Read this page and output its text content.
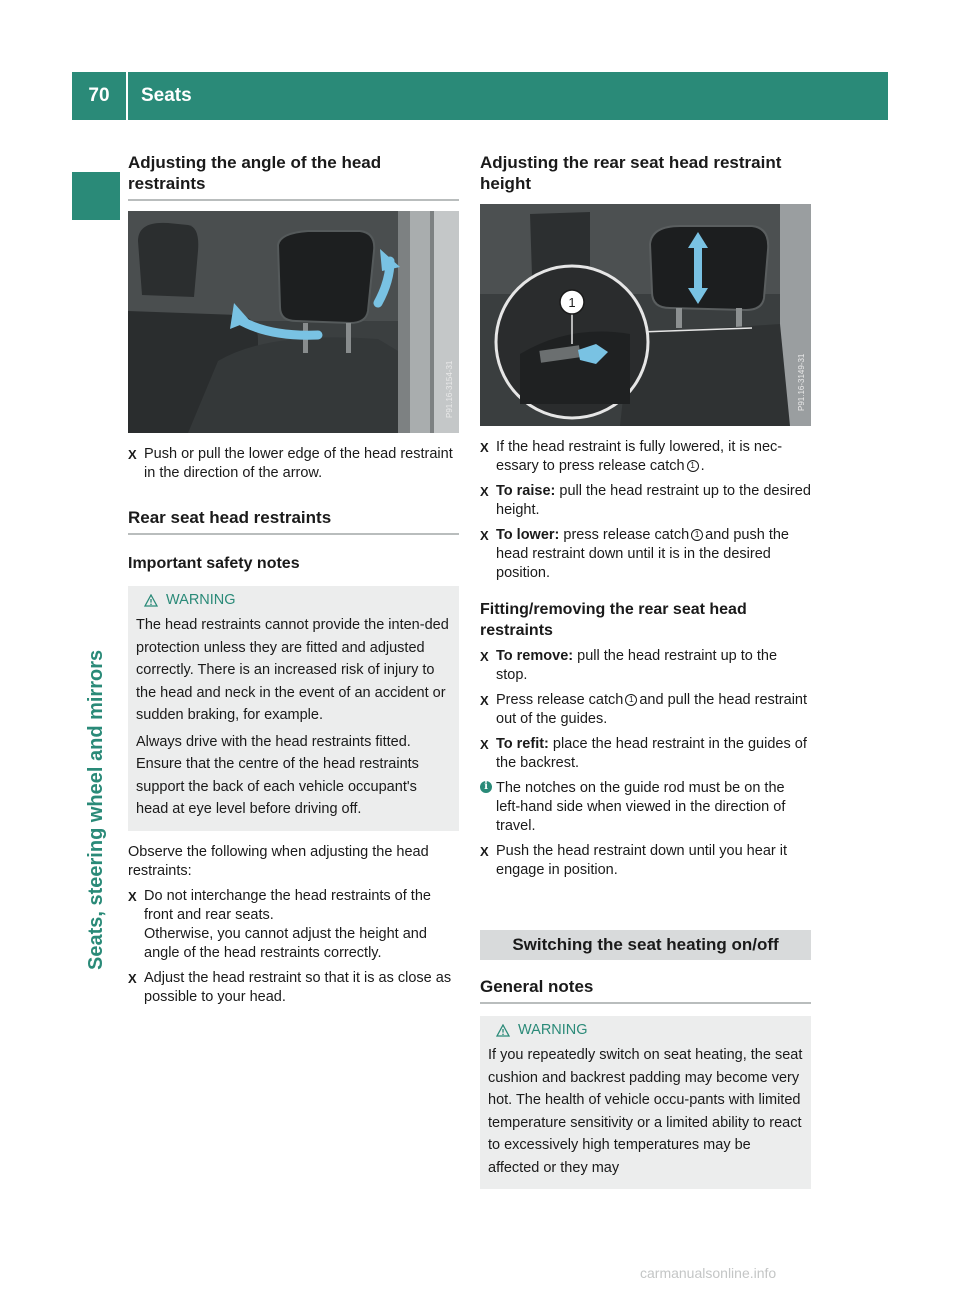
70	Seats
Seats, steering wheel and mirrors
Adjusting the angle of the head restraints
P91.16-3154-31
X Push or pull the lower edge of the head restraint in the direction of the arrow.
Rear seat head restraints
Important safety notes
WARNING

The head restraints cannot provide the inten-ded protection unless they are fitted and adjusted correctly. There is an increased risk of injury to the head and neck in the event of an accident or sudden braking, for example.

Always drive with the head restraints fitted. Ensure that the centre of the head restraints support the back of each vehicle occupant's head at eye level before driving off.

Observe the following when adjusting the head restraints:

X Do not interchange the head restraints of the front and rear seats.
Otherwise, you cannot adjust the height and angle of the head restraints correctly.
X Adjust the head restraint so that it is as close as possible to your head.
Adjusting the rear seat head restraint height
1
P91.16-3149-31
X If the head restraint is fully lowered, it is nec-essary to press release catch 1 .
X To raise: pull the head restraint up to the desired height.
X To lower: press release catch 1 and push the head restraint down until it is in the desired position.
Fitting/removing the rear seat head restraints
X To remove: pull the head restraint up to the stop.
X Press release catch 1 and pull the head restraint out of the guides.
X To refit: place the head restraint in the guides of the backrest.
i The notches on the guide rod must be on the left-hand side when viewed in the direction of travel.
X Push the head restraint down until you hear it engage in position.
Switching the seat heating on/off
General notes
WARNING

If you repeatedly switch on seat heating, the seat cushion and backrest padding may become very hot. The health of vehicle occu-pants with limited temperature sensitivity or a limited ability to react to excessively high temperatures may be affected or they may

carmanualsonline.info
